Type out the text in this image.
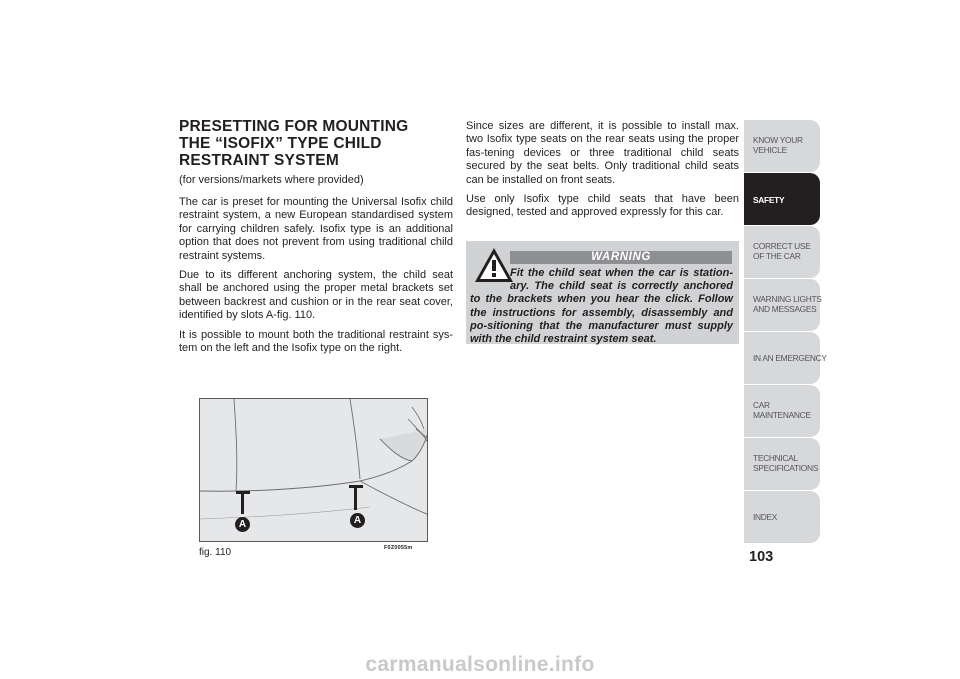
PRESETTING FOR MOUNTING
THE “ISOFIX” TYPE CHILD
RESTRAINT SYSTEM

(for versions/markets where provided)

The car is preset for mounting the Universal Isofix child restraint system, a new European standardised system for carrying children safely. Isofix type is an additional option that does not prevent from using traditional child restraint systems.

Due to its different anchoring system, the child seat shall be anchored using the proper metal brackets set between backrest and cushion or in the rear seat cover, identified by slots A-fig. 110.

It is possible to mount both the traditional restraint sys-tem on the left and the Isofix type on the right.

Since sizes are different, it is possible to install max. two Isofix type seats on the rear seats using the proper fas-tening devices or three traditional child seats secured by the seat belts. Only traditional child seats can be installed on front seats.

Use only Isofix type child seats that have been designed, tested and approved expressly for this car.

WARNING

Fit the child seat when the car is station-ary. The child seat is correctly anchored to the brackets when you hear the click. Follow the instructions for assembly, disassembly and po-sitioning that the manufacturer must supply with the child restraint system seat.

A	A
fig. 110	F0Z0055m
KNOW YOUR
VEHICLE
SAFETY
CORRECT USE
OF THE CAR
WARNING LIGHTS
AND MESSAGES
IN AN EMERGENCY
CAR
MAINTENANCE
TECHNICAL
SPECIFICATIONS
INDEX
103
carmanualsonline.info
